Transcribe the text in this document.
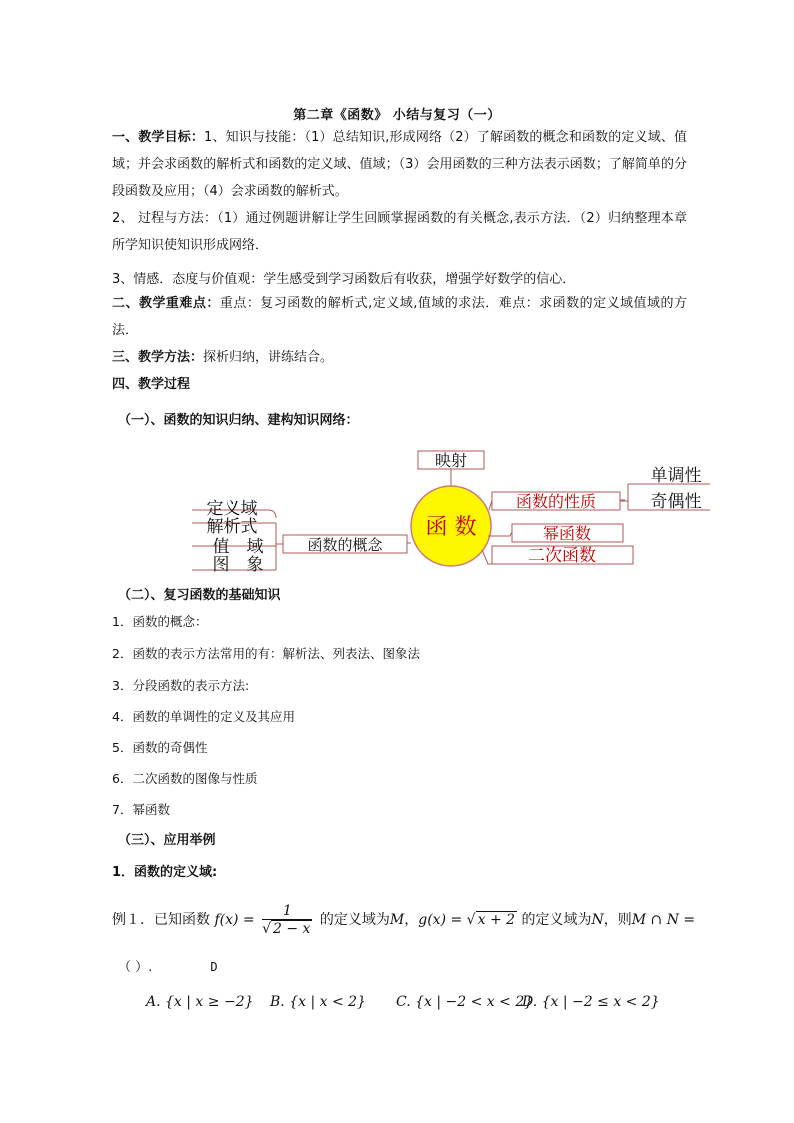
第二章《函数》 小结与复习（一）
一、教学目标：1、知识与技能：（1）总结知识,形成网络（2）了解函数的概念和函数的定义域、值域；并会求函数的解析式和函数的定义域、值域；（3）会用函数的三种方法表示函数；了解简单的分段函数及应用；（4）会求函数的解析式。
2、 过程与方法：（1）通过例题讲解让学生回顾掌握函数的有关概念,表示方法．（2）归纳整理本章所学知识使知识形成网络．
3、情感．态度与价值观：学生感受到学习函数后有收获，增强学好数学的信心．
二、教学重难点：重点：复习函数的解析式,定义域,值域的求法．难点：求函数的定义域值域的方法．
三、教学方法：探析归纳，讲练结合。
四、教学过程
（一）、函数的知识归纳、建构知识网络：
映射
函 数
函数的概念
定义域
解析式
值　域
图　象
函数的性质
单调性
奇偶性
幂函数
二次函数
（二）、复习函数的基础知识
1．函数的概念：
2．函数的表示方法常用的有：解析法、列表法、图象法
3．分段函数的表示方法:
4．函数的单调性的定义及其应用
5．函数的奇偶性
6．二次函数的图像与性质
7．幂函数
（三）、应用举例
1．函数的定义域:
例１．已知函数 $f(x) = \frac{1}{√ 2 - x}$ 的定义域为M，g(x) = √ x + 2 的定义域为N，则M ∩ N =
（ ）.	D
A. {x | x ≥ −2} B. {x | x < 2} C. {x | −2 < x < 2}
D. {x | −2 ≤ x < 2}
